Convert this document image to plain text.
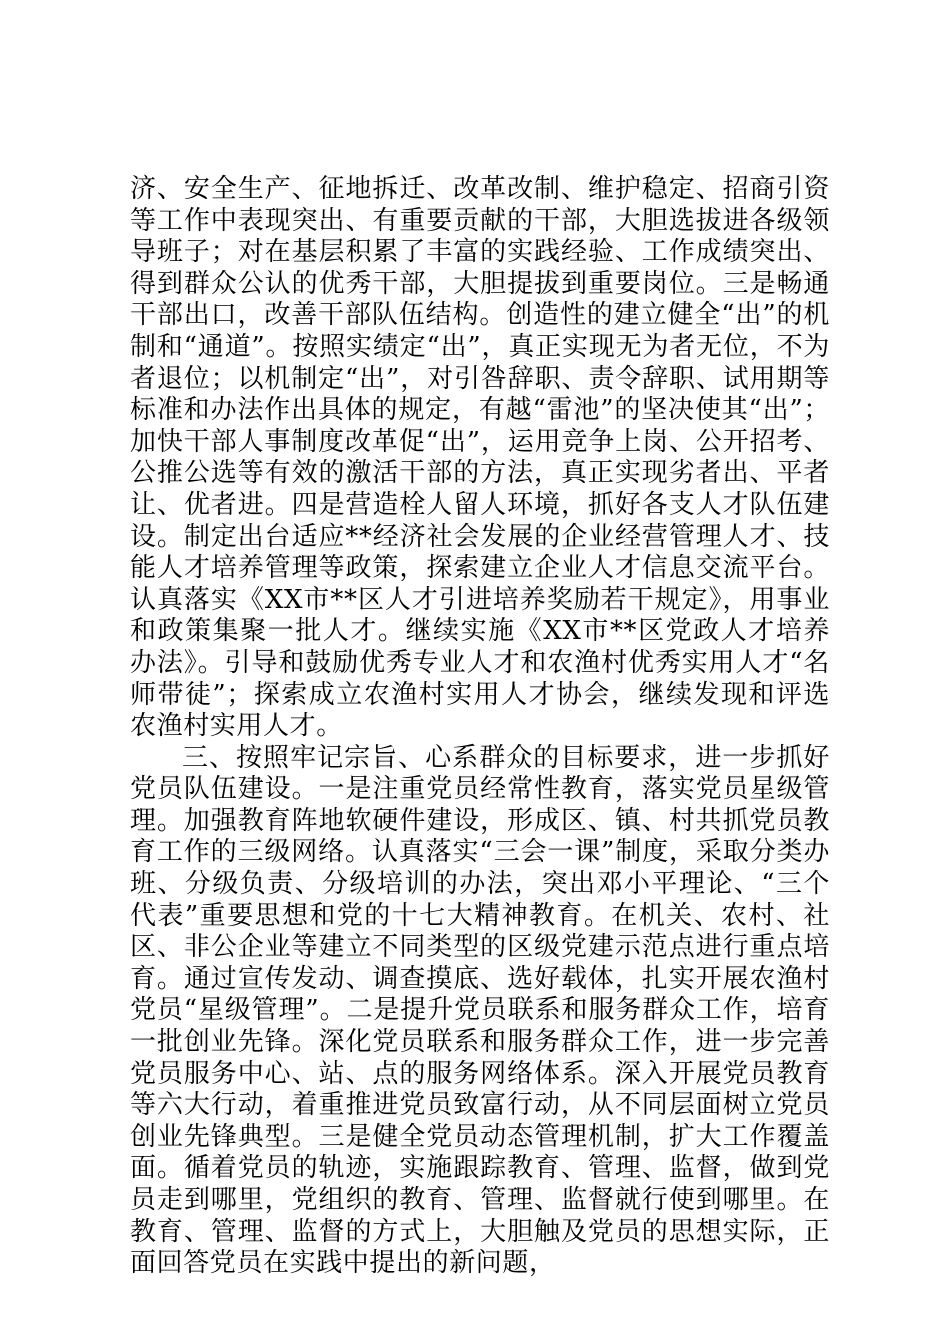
济、安全生产、征地拆迁、改革改制、维护稳定、招商引资等工作中表现突出、有重要贡献的干部，大胆选拔进各级领导班子；对在基层积累了丰富的实践经验、工作成绩突出、得到群众公认的优秀干部，大胆提拔到重要岗位。三是畅通干部出口，改善干部队伍结构。创造性的建立健全“出”的机制和“通道”。按照实绩定“出”，真正实现无为者无位，不为者退位；以机制定“出”，对引咎辞职、责令辞职、试用期等标准和办法作出具体的规定，有越“雷池”的坚决使其“出”；加快干部人事制度改革促“出”，运用竞争上岗、公开招考、公推公选等有效的激活干部的方法，真正实现劣者出、平者让、优者进。四是营造栓人留人环境，抓好各支人才队伍建设。制定出台适应**经济社会发展的企业经营管理人才、技能人才培养管理等政策，探索建立企业人才信息交流平台。认真落实《XX市**区人才引进培养奖励若干规定》，用事业和政策集聚一批人才。继续实施《XX市**区党政人才培养办法》。引导和鼓励优秀专业人才和农渔村优秀实用人才“名师带徒”；探索成立农渔村实用人才协会，继续发现和评选农渔村实用人才。

三、按照牢记宗旨、心系群众的目标要求，进一步抓好党员队伍建设。一是注重党员经常性教育，落实党员星级管理。加强教育阵地软硬件建设，形成区、镇、村共抓党员教育工作的三级网络。认真落实“三会一课”制度，采取分类办班、分级负责、分级培训的办法，突出邓小平理论、“三个代表”重要思想和党的十七大精神教育。在机关、农村、社区、非公企业等建立不同类型的区级党建示范点进行重点培育。通过宣传发动、调查摸底、选好载体，扎实开展农渔村党员“星级管理”。二是提升党员联系和服务群众工作，培育一批创业先锋。深化党员联系和服务群众工作，进一步完善党员服务中心、站、点的服务网络体系。深入开展党员教育等六大行动，着重推进党员致富行动，从不同层面树立党员创业先锋典型。三是健全党员动态管理机制，扩大工作覆盖面。循着党员的轨迹，实施跟踪教育、管理、监督，做到党员走到哪里，党组织的教育、管理、监督就行使到哪里。在教育、管理、监督的方式上，大胆触及党员的思想实际，正面回答党员在实践中提出的新问题，
